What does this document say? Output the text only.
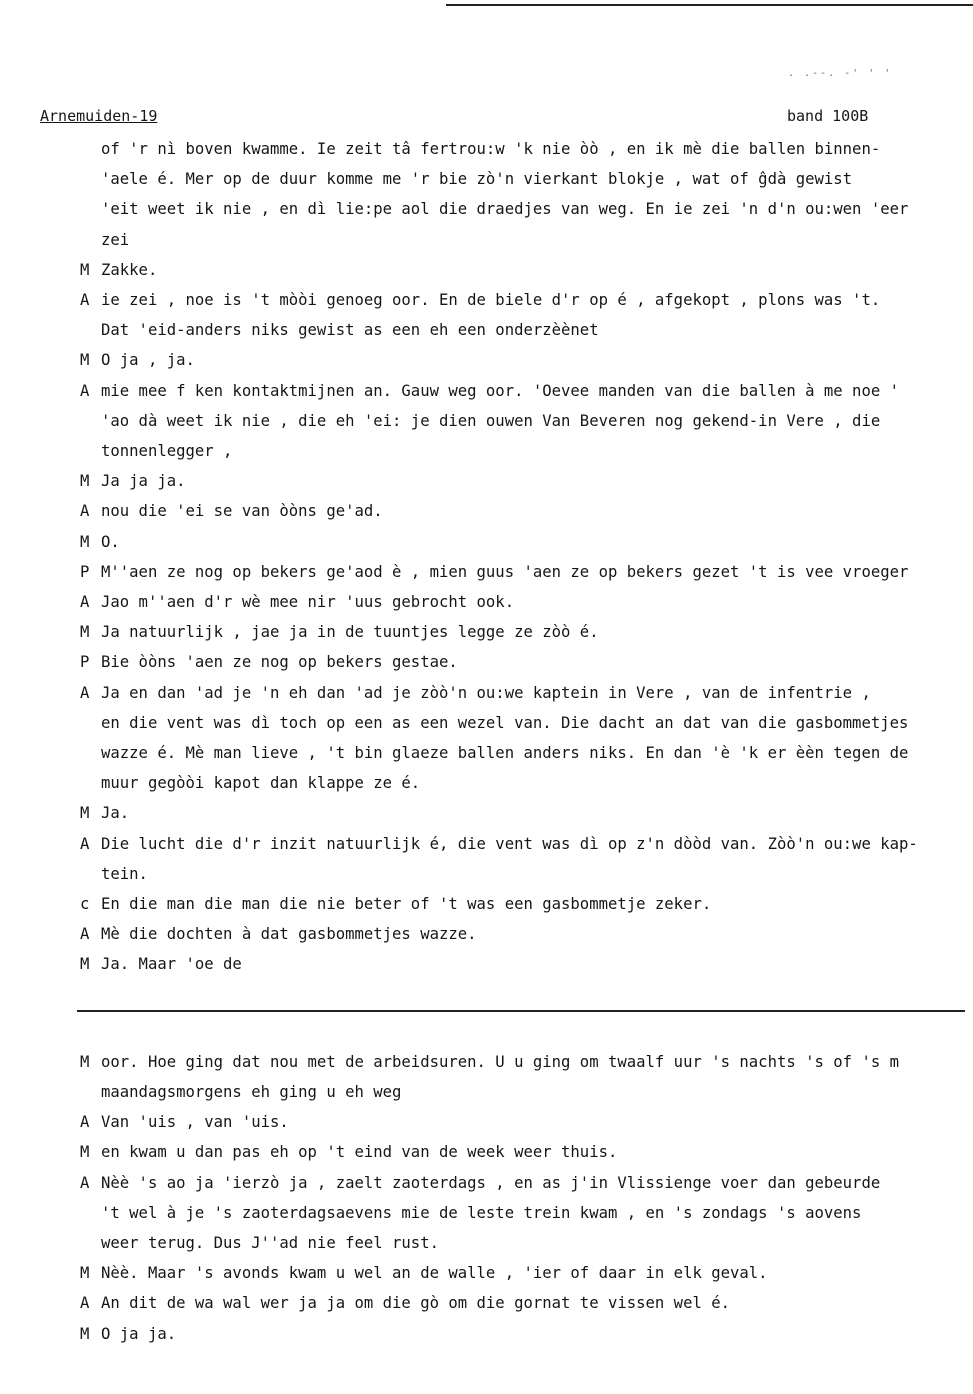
. .--. -' ' '
Arnemuiden-19	band 100B
of 'r nì boven kwamme. Ie zeit tâ fertrou:w 'k nie òò , en ik mè die ballen binnen-
'aele é. Mer op de duur komme me 'r bie zò'n vierkant blokje , wat of ĝdà gewist
'eit weet ik nie , en dì lie:pe aol die draedjes van weg. En ie zei 'n d'n ou:wen 'eer
zei
M Zakke.
A ie zei , noe is 't mòòi genoeg oor. En de biele d'r op é , afgekopt , plons was 't.
Dat 'eid-anders niks gewist as een eh een onderzèènet
M O ja , ja.
A mie mee f ken kontaktmijnen an. Gauw weg oor. 'Oevee manden van die ballen à me noe '
'ao dà weet ik nie , die eh 'ei: je dien ouwen Van Beveren nog gekend-in Vere , die
tonnenlegger ,
M Ja ja ja.
A nou die 'ei se van òòns ge'ad.
M O.
P M''aen ze nog op bekers ge'aod è , mien guus 'aen ze op bekers gezet 't is vee vroeger
A Jao m''aen d'r wè mee nir 'uus gebrocht ook.
M Ja natuurlijk , jae ja in de tuuntjes legge ze zòò é.
P Bie òòns 'aen ze nog op bekers gestae.
A Ja en dan 'ad je 'n eh dan 'ad je zòò'n ou:we kaptein in Vere , van de infentrie ,
en die vent was dì toch op een as een wezel van. Die dacht an dat van die gasbommetjes
wazze é. Mè man lieve , 't bin glaeze ballen anders niks. En dan 'è 'k er èèn tegen de
muur gegòòi kapot dan klappe ze é.
M Ja.
A Die lucht die d'r inzit natuurlijk é, die vent was dì op z'n dòòd van. Zòò'n ou:we kap-
tein.
c En die man die man die nie beter of 't was een gasbommetje zeker.
A Mè die dochten à dat gasbommetjes wazze.
M Ja. Maar 'oe de
M oor. Hoe ging dat nou met de arbeidsuren. U u ging om twaalf uur 's nachts 's of 's m
maandagsmorgens eh ging u eh weg
A Van 'uis , van 'uis.
M en kwam u dan pas eh op 't eind van de week weer thuis.
A Nèè 's ao ja 'ierzò ja , zaelt zaoterdags , en as j'in Vlissienge voer dan gebeurde
't wel à je 's zaoterdagsaevens mie de leste trein kwam , en 's zondags 's aovens
weer terug. Dus J''ad nie feel rust.
M Nèè. Maar 's avonds kwam u wel an de walle , 'ier of daar in elk geval.
A An dit de wa wal wer ja ja om die gò om die gornat te vissen wel é.
M O ja ja.
